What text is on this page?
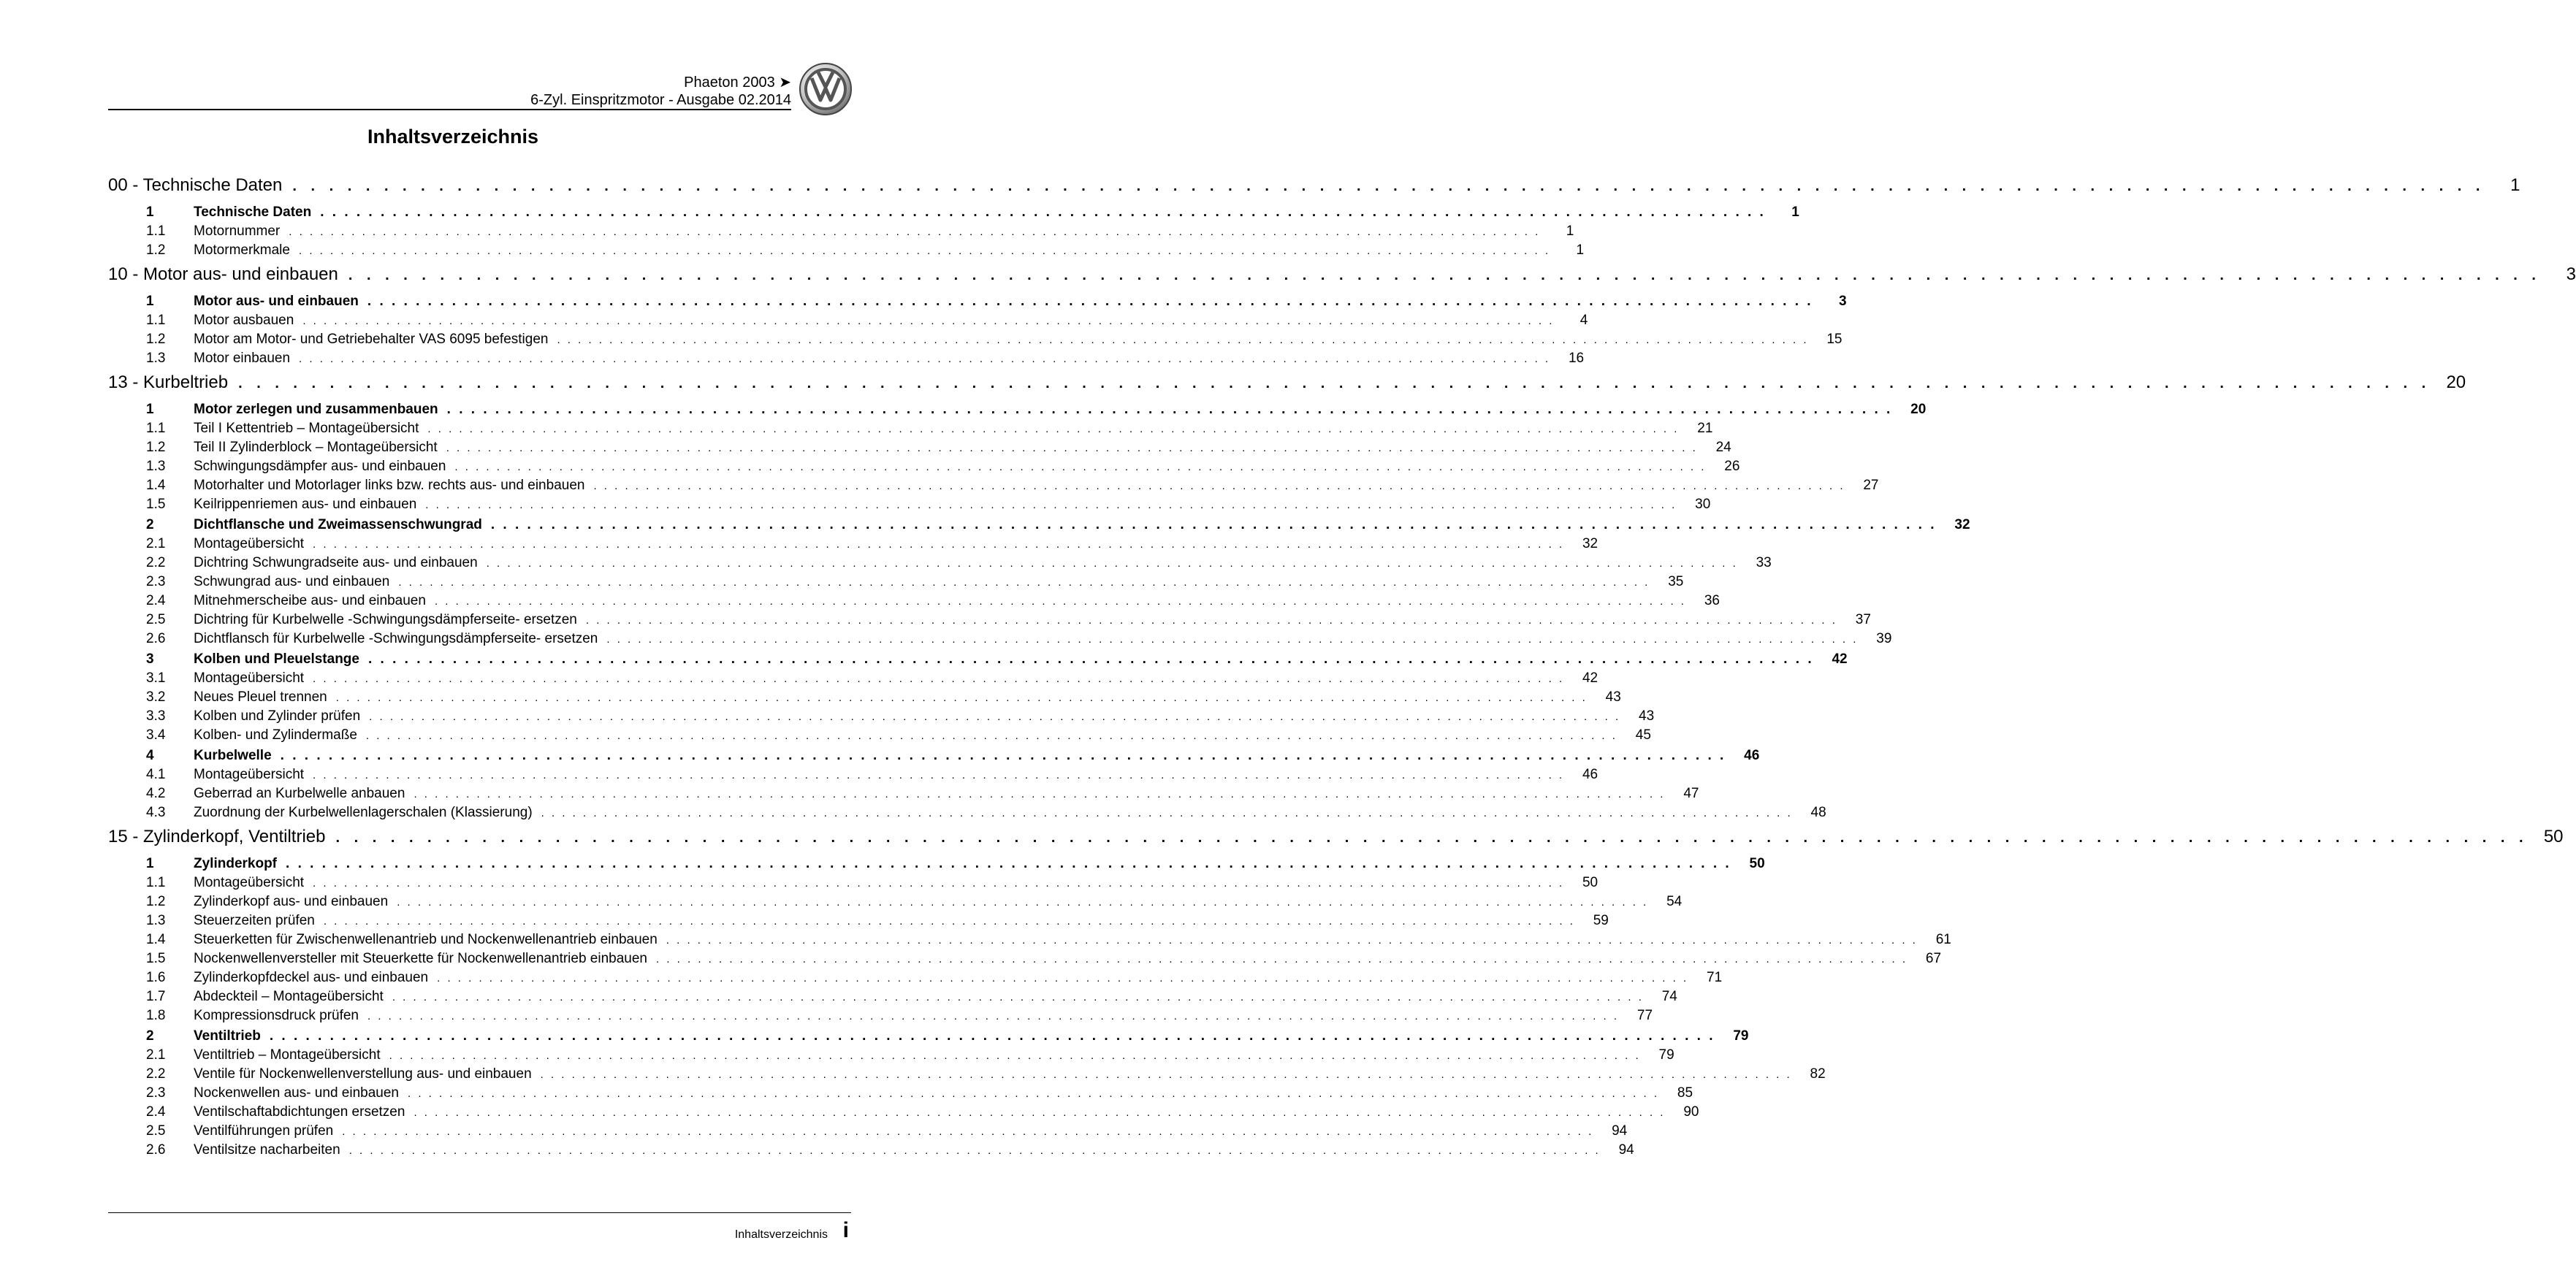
Phaeton 2003 ➤
6-Zyl. Einspritzmotor - Ausgabe 02.2014
Inhaltsverzeichnis
00 - Technische Daten . . . . . . . . . . . . . . . . . . . . . . . . . . . . . . . . . . . . . . . . . . . . . . . . . . . . . . . . . . . . . . . . . . . . . . . . . . . . . . . . . . . . . . . . . . . . . . . . . . . . . . . . . . . . . . . . . . . . . . . .	1
1	Technische Daten . . . . . . . . . . . . . . . . . . . . . . . . . . . . . . . . . . . . . . . . . . . . . . . . . . . . . . . . . . . . . . . . . . . . . . . . . . . . . . . . . . . . . . . . . . . . . . . . . . . . . . . . . . . . . . . . . . . . . . . .	1
1.1	Motornummer . . . . . . . . . . . . . . . . . . . . . . . . . . . . . . . . . . . . . . . . . . . . . . . . . . . . . . . . . . . . . . . . . . . . . . . . . . . . . . . . . . . . . . . . . . . . . . . . . . . . . . . . . . . . . . . . . . . . . . . .	1
1.2	Motormerkmale . . . . . . . . . . . . . . . . . . . . . . . . . . . . . . . . . . . . . . . . . . . . . . . . . . . . . . . . . . . . . . . . . . . . . . . . . . . . . . . . . . . . . . . . . . . . . . . . . . . . . . . . . . . . . . . . . . . . . . . .	1
10 - Motor aus- und einbauen . . . . . . . . . . . . . . . . . . . . . . . . . . . . . . . . . . . . . . . . . . . . . . . . . . . . . . . . . . . . . . . . . . . . . . . . . . . . . . . . . . . . . . . . . . . . . . . . . . . . . . . . . . . . . . . . . . . . . . . .	3
1	Motor aus- und einbauen . . . . . . . . . . . . . . . . . . . . . . . . . . . . . . . . . . . . . . . . . . . . . . . . . . . . . . . . . . . . . . . . . . . . . . . . . . . . . . . . . . . . . . . . . . . . . . . . . . . . . . . . . . . . . . . . . . . . . . . .	3
1.1	Motor ausbauen . . . . . . . . . . . . . . . . . . . . . . . . . . . . . . . . . . . . . . . . . . . . . . . . . . . . . . . . . . . . . . . . . . . . . . . . . . . . . . . . . . . . . . . . . . . . . . . . . . . . . . . . . . . . . . . . . . . . . . . .	4
1.2	Motor am Motor- und Getriebehalter VAS 6095 befestigen . . . . . . . . . . . . . . . . . . . . . . . . . . . . . . . . . . . . . . . . . . . . . . . . . . . . . . . . . . . . . . . . . . . . . . . . . . . . . . . . . . . . . . . . . . . . . . . . . . . . . . . . . . . . . . . . . . . . . . . .	15
1.3	Motor einbauen . . . . . . . . . . . . . . . . . . . . . . . . . . . . . . . . . . . . . . . . . . . . . . . . . . . . . . . . . . . . . . . . . . . . . . . . . . . . . . . . . . . . . . . . . . . . . . . . . . . . . . . . . . . . . . . . . . . . . . . .	16
13 - Kurbeltrieb . . . . . . . . . . . . . . . . . . . . . . . . . . . . . . . . . . . . . . . . . . . . . . . . . . . . . . . . . . . . . . . . . . . . . . . . . . . . . . . . . . . . . . . . . . . . . . . . . . . . . . . . . . . . . . . . . . . . . . . . 20
1	Motor zerlegen und zusammenbauen . . . . . . . . . . . . . . . . . . . . . . . . . . . . . . . . . . . . . . . . . . . . . . . . . . . . . . . . . . . . . . . . . . . . . . . . . . . . . . . . . . . . . . . . . . . . . . . . . . . . . . . . . . . . . . . . . . . . . . . .	20
1.1	Teil I Kettentrieb – Montageübersicht . . . . . . . . . . . . . . . . . . . . . . . . . . . . . . . . . . . . . . . . . . . . . . . . . . . . . . . . . . . . . . . . . . . . . . . . . . . . . . . . . . . . . . . . . . . . . . . . . . . . . . . . . . . . . . . . . . . . . . . .	21
1.2	Teil II Zylinderblock – Montageübersicht . . . . . . . . . . . . . . . . . . . . . . . . . . . . . . . . . . . . . . . . . . . . . . . . . . . . . . . . . . . . . . . . . . . . . . . . . . . . . . . . . . . . . . . . . . . . . . . . . . . . . . . . . . . . . . . . . . . . . . . .	24
1.3	Schwingungsdämpfer aus- und einbauen . . . . . . . . . . . . . . . . . . . . . . . . . . . . . . . . . . . . . . . . . . . . . . . . . . . . . . . . . . . . . . . . . . . . . . . . . . . . . . . . . . . . . . . . . . . . . . . . . . . . . . . . . . . . . . . . . . . . . . . .	26
1.4	Motorhalter und Motorlager links bzw. rechts aus- und einbauen . . . . . . . . . . . . . . . . . . . . . . . . . . . . . . . . . . . . . . . . . . . . . . . . . . . . . . . . . . . . . . . . . . . . . . . . . . . . . . . . . . . . . . . . . . . . . . . . . . . . . . . . . . . . . . . . . . . . . . . .	27
1.5	Keilrippenriemen aus- und einbauen . . . . . . . . . . . . . . . . . . . . . . . . . . . . . . . . . . . . . . . . . . . . . . . . . . . . . . . . . . . . . . . . . . . . . . . . . . . . . . . . . . . . . . . . . . . . . . . . . . . . . . . . . . . . . . . . . . . . . . . .	30
2	Dichtflansche und Zweimassenschwungrad . . . . . . . . . . . . . . . . . . . . . . . . . . . . . . . . . . . . . . . . . . . . . . . . . . . . . . . . . . . . . . . . . . . . . . . . . . . . . . . . . . . . . . . . . . . . . . . . . . . . . . . . . . . . . . . . . . . . . . . .	32
2.1	Montageübersicht . . . . . . . . . . . . . . . . . . . . . . . . . . . . . . . . . . . . . . . . . . . . . . . . . . . . . . . . . . . . . . . . . . . . . . . . . . . . . . . . . . . . . . . . . . . . . . . . . . . . . . . . . . . . . . . . . . . . . . . .	32
2.2	Dichtring Schwungradseite aus- und einbauen . . . . . . . . . . . . . . . . . . . . . . . . . . . . . . . . . . . . . . . . . . . . . . . . . . . . . . . . . . . . . . . . . . . . . . . . . . . . . . . . . . . . . . . . . . . . . . . . . . . . . . . . . . . . . . . . . . . . . . . .	33
2.3	Schwungrad aus- und einbauen . . . . . . . . . . . . . . . . . . . . . . . . . . . . . . . . . . . . . . . . . . . . . . . . . . . . . . . . . . . . . . . . . . . . . . . . . . . . . . . . . . . . . . . . . . . . . . . . . . . . . . . . . . . . . . . . . . . . . . . .	35
2.4	Mitnehmerscheibe aus- und einbauen . . . . . . . . . . . . . . . . . . . . . . . . . . . . . . . . . . . . . . . . . . . . . . . . . . . . . . . . . . . . . . . . . . . . . . . . . . . . . . . . . . . . . . . . . . . . . . . . . . . . . . . . . . . . . . . . . . . . . . . .	36
2.5	Dichtring für Kurbelwelle -Schwingungsdämpferseite- ersetzen . . . . . . . . . . . . . . . . . . . . . . . . . . . . . . . . . . . . . . . . . . . . . . . . . . . . . . . . . . . . . . . . . . . . . . . . . . . . . . . . . . . . . . . . . . . . . . . . . . . . . . . . . . . . . . . . . . . . . . . .	37
2.6	Dichtflansch für Kurbelwelle -Schwingungsdämpferseite- ersetzen . . . . . . . . . . . . . . . . . . . . . . . . . . . . . . . . . . . . . . . . . . . . . . . . . . . . . . . . . . . . . . . . . . . . . . . . . . . . . . . . . . . . . . . . . . . . . . . . . . . . . . . . . . . . . . . . . . . . . . . .	39
3	Kolben und Pleuelstange . . . . . . . . . . . . . . . . . . . . . . . . . . . . . . . . . . . . . . . . . . . . . . . . . . . . . . . . . . . . . . . . . . . . . . . . . . . . . . . . . . . . . . . . . . . . . . . . . . . . . . . . . . . . . . . . . . . . . . . .	42
3.1	Montageübersicht . . . . . . . . . . . . . . . . . . . . . . . . . . . . . . . . . . . . . . . . . . . . . . . . . . . . . . . . . . . . . . . . . . . . . . . . . . . . . . . . . . . . . . . . . . . . . . . . . . . . . . . . . . . . . . . . . . . . . . . .	42
3.2	Neues Pleuel trennen . . . . . . . . . . . . . . . . . . . . . . . . . . . . . . . . . . . . . . . . . . . . . . . . . . . . . . . . . . . . . . . . . . . . . . . . . . . . . . . . . . . . . . . . . . . . . . . . . . . . . . . . . . . . . . . . . . . . . . . .	43
3.3	Kolben und Zylinder prüfen . . . . . . . . . . . . . . . . . . . . . . . . . . . . . . . . . . . . . . . . . . . . . . . . . . . . . . . . . . . . . . . . . . . . . . . . . . . . . . . . . . . . . . . . . . . . . . . . . . . . . . . . . . . . . . . . . . . . . . . .	43
3.4	Kolben- und Zylindermaße . . . . . . . . . . . . . . . . . . . . . . . . . . . . . . . . . . . . . . . . . . . . . . . . . . . . . . . . . . . . . . . . . . . . . . . . . . . . . . . . . . . . . . . . . . . . . . . . . . . . . . . . . . . . . . . . . . . . . . . .	45
4	Kurbelwelle . . . . . . . . . . . . . . . . . . . . . . . . . . . . . . . . . . . . . . . . . . . . . . . . . . . . . . . . . . . . . . . . . . . . . . . . . . . . . . . . . . . . . . . . . . . . . . . . . . . . . . . . . . . . . . . . . . . . . . . .	46
4.1	Montageübersicht . . . . . . . . . . . . . . . . . . . . . . . . . . . . . . . . . . . . . . . . . . . . . . . . . . . . . . . . . . . . . . . . . . . . . . . . . . . . . . . . . . . . . . . . . . . . . . . . . . . . . . . . . . . . . . . . . . . . . . . .	46
4.2	Geberrad an Kurbelwelle anbauen . . . . . . . . . . . . . . . . . . . . . . . . . . . . . . . . . . . . . . . . . . . . . . . . . . . . . . . . . . . . . . . . . . . . . . . . . . . . . . . . . . . . . . . . . . . . . . . . . . . . . . . . . . . . . . . . . . . . . . . .	47
4.3	Zuordnung der Kurbelwellenlagerschalen (Klassierung) . . . . . . . . . . . . . . . . . . . . . . . . . . . . . . . . . . . . . . . . . . . . . . . . . . . . . . . . . . . . . . . . . . . . . . . . . . . . . . . . . . . . . . . . . . . . . . . . . . . . . . . . . . . . . . . . . . . . . . . .	48
15 - Zylinderkopf, Ventiltrieb . . . . . . . . . . . . . . . . . . . . . . . . . . . . . . . . . . . . . . . . . . . . . . . . . . . . . . . . . . . . . . . . . . . . . . . . . . . . . . . . . . . . . . . . . . . . . . . . . . . . . . . . . . . . . . . . . . . . . . . . 50
1	Zylinderkopf . . . . . . . . . . . . . . . . . . . . . . . . . . . . . . . . . . . . . . . . . . . . . . . . . . . . . . . . . . . . . . . . . . . . . . . . . . . . . . . . . . . . . . . . . . . . . . . . . . . . . . . . . . . . . . . . . . . . . . . .	50
1.1	Montageübersicht . . . . . . . . . . . . . . . . . . . . . . . . . . . . . . . . . . . . . . . . . . . . . . . . . . . . . . . . . . . . . . . . . . . . . . . . . . . . . . . . . . . . . . . . . . . . . . . . . . . . . . . . . . . . . . . . . . . . . . . .	50
1.2	Zylinderkopf aus- und einbauen . . . . . . . . . . . . . . . . . . . . . . . . . . . . . . . . . . . . . . . . . . . . . . . . . . . . . . . . . . . . . . . . . . . . . . . . . . . . . . . . . . . . . . . . . . . . . . . . . . . . . . . . . . . . . . . . . . . . . . . .	54
1.3	Steuerzeiten prüfen . . . . . . . . . . . . . . . . . . . . . . . . . . . . . . . . . . . . . . . . . . . . . . . . . . . . . . . . . . . . . . . . . . . . . . . . . . . . . . . . . . . . . . . . . . . . . . . . . . . . . . . . . . . . . . . . . . . . . . . .	59
1.4	Steuerketten für Zwischenwellenantrieb und Nockenwellenantrieb einbauen . . . . . . . . . . . . . . . . . . . . . . . . . . . . . . . . . . . . . . . . . . . . . . . . . . . . . . . . . . . . . . . . . . . . . . . . . . . . . . . . . . . . . . . . . . . . . . . . . . . . . . . . . . . . . . . . . . . . . . . .	61
1.5	Nockenwellenversteller mit Steuerkette für Nockenwellenantrieb einbauen . . . . . . . . . . . . . . . . . . . . . . . . . . . . . . . . . . . . . . . . . . . . . . . . . . . . . . . . . . . . . . . . . . . . . . . . . . . . . . . . . . . . . . . . . . . . . . . . . . . . . . . . . . . . . . . . . . . . . . . .	67
1.6	Zylinderkopfdeckel aus- und einbauen . . . . . . . . . . . . . . . . . . . . . . . . . . . . . . . . . . . . . . . . . . . . . . . . . . . . . . . . . . . . . . . . . . . . . . . . . . . . . . . . . . . . . . . . . . . . . . . . . . . . . . . . . . . . . . . . . . . . . . . .	71
1.7	Abdeckteil – Montageübersicht . . . . . . . . . . . . . . . . . . . . . . . . . . . . . . . . . . . . . . . . . . . . . . . . . . . . . . . . . . . . . . . . . . . . . . . . . . . . . . . . . . . . . . . . . . . . . . . . . . . . . . . . . . . . . . . . . . . . . . . .	74
1.8	Kompressionsdruck prüfen . . . . . . . . . . . . . . . . . . . . . . . . . . . . . . . . . . . . . . . . . . . . . . . . . . . . . . . . . . . . . . . . . . . . . . . . . . . . . . . . . . . . . . . . . . . . . . . . . . . . . . . . . . . . . . . . . . . . . . . .	77
2	Ventiltrieb . . . . . . . . . . . . . . . . . . . . . . . . . . . . . . . . . . . . . . . . . . . . . . . . . . . . . . . . . . . . . . . . . . . . . . . . . . . . . . . . . . . . . . . . . . . . . . . . . . . . . . . . . . . . . . . . . . . . . . . .	79
2.1	Ventiltrieb – Montageübersicht . . . . . . . . . . . . . . . . . . . . . . . . . . . . . . . . . . . . . . . . . . . . . . . . . . . . . . . . . . . . . . . . . . . . . . . . . . . . . . . . . . . . . . . . . . . . . . . . . . . . . . . . . . . . . . . . . . . . . . . .	79
2.2	Ventile für Nockenwellenverstellung aus- und einbauen . . . . . . . . . . . . . . . . . . . . . . . . . . . . . . . . . . . . . . . . . . . . . . . . . . . . . . . . . . . . . . . . . . . . . . . . . . . . . . . . . . . . . . . . . . . . . . . . . . . . . . . . . . . . . . . . . . . . . . . .	82
2.3	Nockenwellen aus- und einbauen . . . . . . . . . . . . . . . . . . . . . . . . . . . . . . . . . . . . . . . . . . . . . . . . . . . . . . . . . . . . . . . . . . . . . . . . . . . . . . . . . . . . . . . . . . . . . . . . . . . . . . . . . . . . . . . . . . . . . . . .	85
2.4	Ventilschaftabdichtungen ersetzen . . . . . . . . . . . . . . . . . . . . . . . . . . . . . . . . . . . . . . . . . . . . . . . . . . . . . . . . . . . . . . . . . . . . . . . . . . . . . . . . . . . . . . . . . . . . . . . . . . . . . . . . . . . . . . . . . . . . . . . .	90
2.5	Ventilführungen prüfen . . . . . . . . . . . . . . . . . . . . . . . . . . . . . . . . . . . . . . . . . . . . . . . . . . . . . . . . . . . . . . . . . . . . . . . . . . . . . . . . . . . . . . . . . . . . . . . . . . . . . . . . . . . . . . . . . . . . . . . .	94
2.6	Ventilsitze nacharbeiten . . . . . . . . . . . . . . . . . . . . . . . . . . . . . . . . . . . . . . . . . . . . . . . . . . . . . . . . . . . . . . . . . . . . . . . . . . . . . . . . . . . . . . . . . . . . . . . . . . . . . . . . . . . . . . . . . . . . . . . .	94
Inhaltsverzeichnis i
